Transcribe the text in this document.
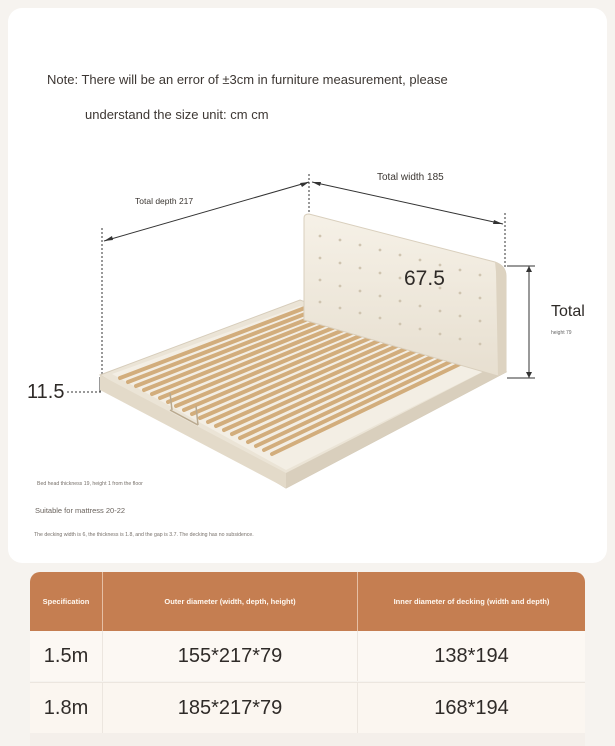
Note: There will be an error of ±3cm in furniture measurement, please
understand the size unit: cm cm
Total depth 217
Total width 185
67.5
Total
height 79
11.5
Bed head thickness 19, height 1 from the floor
Suitable for mattress 20-22
The decking width is 6, the thickness is 1.8, and the gap is 3.7. The decking has no subsidence.
Specification	Outer diameter (width, depth, height)	Inner diameter of decking (width and depth)
1.5m	155*217*79	138*194
1.8m	185*217*79	168*194
